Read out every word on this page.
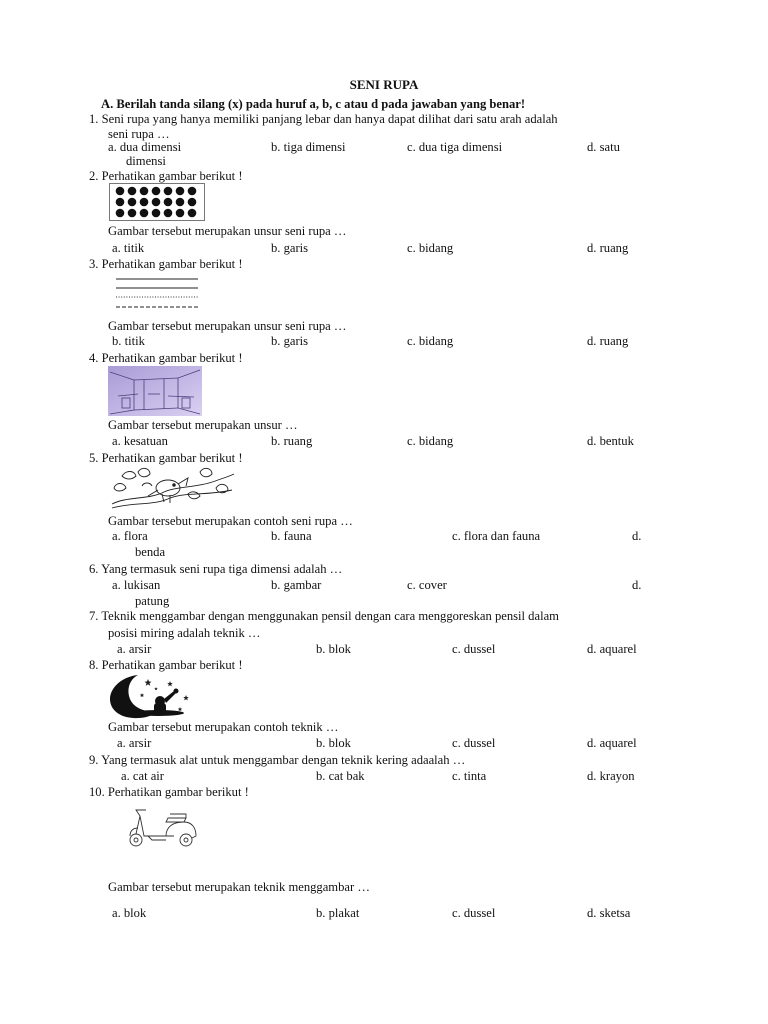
SENI RUPA
A. Berilah tanda silang (x) pada huruf a, b, c atau d pada jawaban yang benar!
1. Seni rupa yang hanya memiliki panjang lebar dan hanya dapat dilihat dari satu arah adalah
seni rupa …
a. dua dimensi	b. tiga dimensi	c. dua tiga dimensi	d. satu
dimensi
2. Perhatikan gambar berikut !
Gambar tersebut merupakan unsur seni rupa …
a. titik	b. garis	c. bidang	d. ruang
3. Perhatikan gambar berikut !
Gambar tersebut merupakan unsur seni rupa …
b. titik	b. garis	c. bidang	d. ruang
4. Perhatikan gambar berikut !
Gambar tersebut merupakan unsur …
a. kesatuan	b. ruang	c. bidang	d. bentuk
5. Perhatikan gambar berikut !
Gambar tersebut merupakan contoh seni rupa …
a. flora	b. fauna	c. flora dan fauna	d.
benda
6. Yang termasuk seni rupa tiga dimensi adalah …
a. lukisan	b. gambar	c. cover	d.
patung
7. Teknik menggambar dengan menggunakan pensil dengan cara menggoreskan pensil dalam
posisi miring adalah teknik …
a. arsir	b. blok	c. dussel	d. aquarel
8. Perhatikan gambar berikut !
Gambar tersebut merupakan contoh teknik …
a. arsir	b. blok	c. dussel	d. aquarel
9. Yang termasuk alat untuk menggambar dengan teknik kering adaalah …
a. cat air	b. cat bak	c. tinta	d. krayon
10. Perhatikan gambar berikut !
Gambar tersebut merupakan teknik menggambar …
a. blok	b. plakat	c. dussel	d. sketsa
